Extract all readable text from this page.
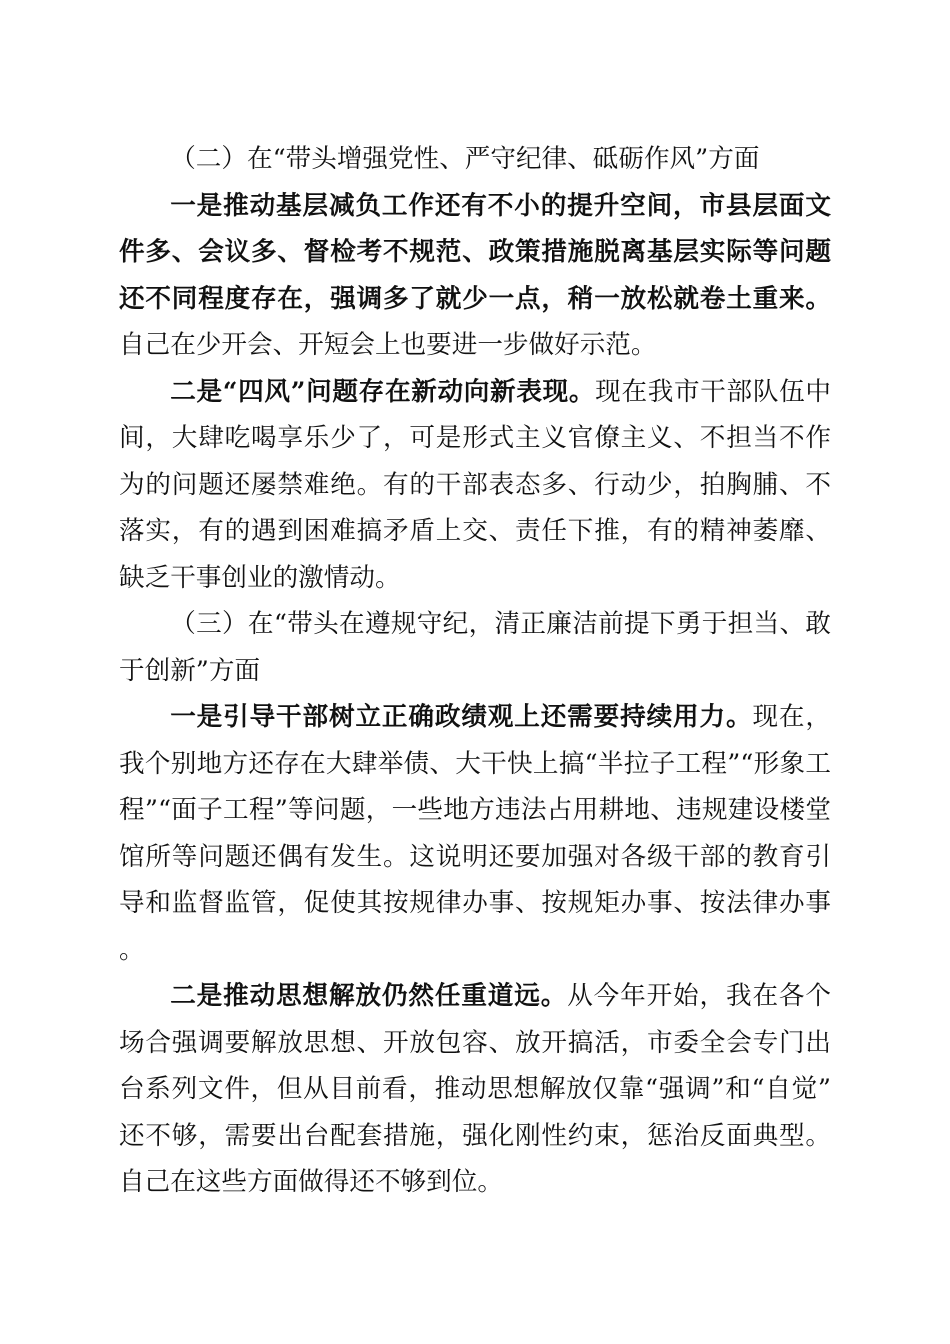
（二）在“带头增强党性、严守纪律、砥砺作风”方面

一是推动基层减负工作还有不小的提升空间，市县层面文件多、会议多、督检考不规范、政策措施脱离基层实际等问题还不同程度存在，强调多了就少一点，稍一放松就卷土重来。自己在少开会、开短会上也要进一步做好示范。

二是“四风”问题存在新动向新表现。现在我市干部队伍中间，大肆吃喝享乐少了，可是形式主义官僚主义、不担当不作为的问题还屡禁难绝。有的干部表态多、行动少，拍胸脯、不落实，有的遇到困难搞矛盾上交、责任下推，有的精神萎靡、缺乏干事创业的激情动。

（三）在“带头在遵规守纪，清正廉洁前提下勇于担当、敢于创新”方面

一是引导干部树立正确政绩观上还需要持续用力。现在，我个别地方还存在大肆举债、大干快上搞“半拉子工程”“形象工程”“面子工程”等问题，一些地方违法占用耕地、违规建设楼堂馆所等问题还偶有发生。这说明还要加强对各级干部的教育引导和监督监管，促使其按规律办事、按规矩办事、按法律办事。

二是推动思想解放仍然任重道远。从今年开始，我在各个场合强调要解放思想、开放包容、放开搞活，市委全会专门出台系列文件，但从目前看，推动思想解放仅靠“强调”和“自觉”还不够，需要出台配套措施，强化刚性约束，惩治反面典型。自己在这些方面做得还不够到位。
